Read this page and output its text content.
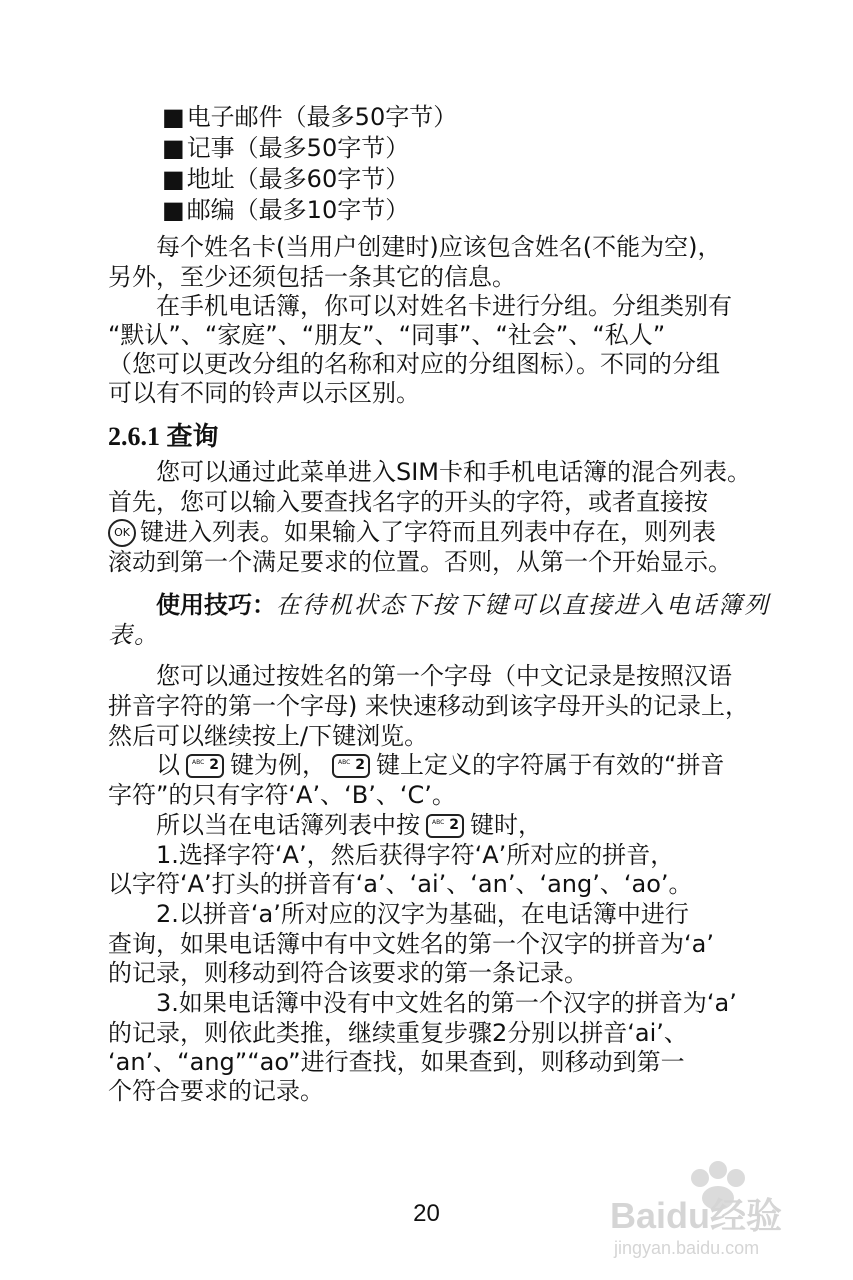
■ 电子邮件（最多50字节）
■ 记事（最多50字节）
■ 地址（最多60字节）
■ 邮编（最多10字节）
每个姓名卡(当用户创建时)应该包含姓名(不能为空)，
另外，至少还须包括一条其它的信息。
在手机电话簿，你可以对姓名卡进行分组。分组类别有
“默认”、“家庭”、“朋友”、“同事”、“社会”、“私人”
（您可以更改分组的名称和对应的分组图标）。不同的分组
可以有不同的铃声以示区别。
2.6.1 查询
您可以通过此菜单进入SIM卡和手机电话簿的混合列表。
首先，您可以输入要查找名字的开头的字符，或者直接按
OK 键进入列表。如果输入了字符而且列表中存在，则列表
滚动到第一个满足要求的位置。否则，从第一个开始显示。
使用技巧：在待机状态下按下键可以直接进入电话簿列
表。
您可以通过按姓名的第一个字母（中文记录是按照汉语
拼音字符的第一个字母) 来快速移动到该字母开头的记录上，
然后可以继续按上/下键浏览。
以 ABC 2 键为例， ABC 2 键上定义的字符属于有效的“拼音
字符”的只有字符‘A’、‘B’、‘C’。
所以当在电话簿列表中按 ABC 2 键时，
1.选择字符‘A’，然后获得字符‘A’所对应的拼音，
以字符‘A’打头的拼音有‘a’、‘ai’、‘an’、‘ang’、‘ao’。
2.以拼音‘a’所对应的汉字为基础，在电话簿中进行
查询，如果电话簿中有中文姓名的第一个汉字的拼音为‘a’
的记录，则移动到符合该要求的第一条记录。
3.如果电话簿中没有中文姓名的第一个汉字的拼音为‘a’
的记录，则依此类推，继续重复步骤2分别以拼音‘ai’、
‘an’、“ang”“ao”进行查找，如果查到，则移动到第一
个符合要求的记录。
20	Baidu经验
jingyan.baidu.com
